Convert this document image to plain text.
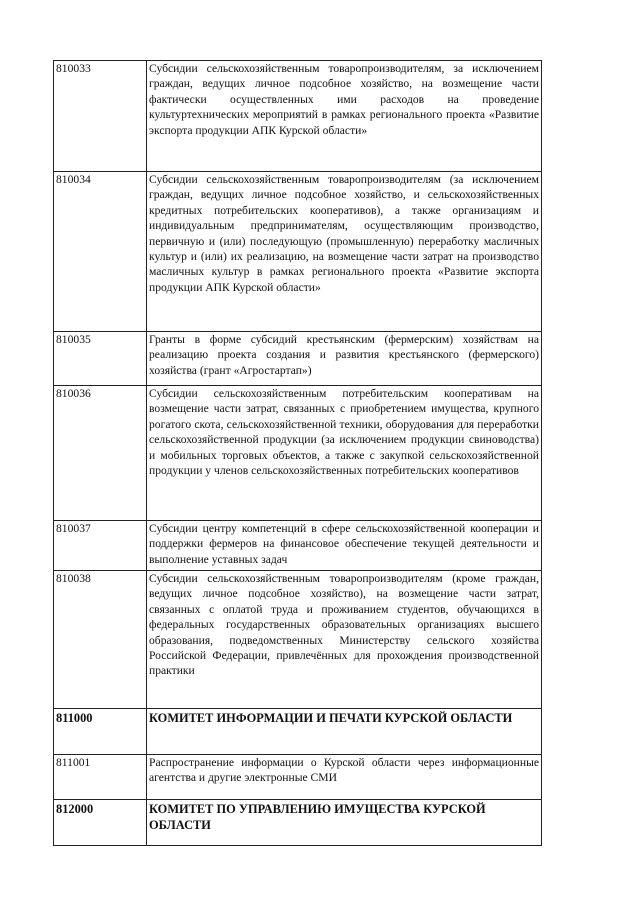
810033	Субсидии сельскохозяйственным товаропроизводителям, за исключением граждан, ведущих личное подсобное хозяйство, на возмещение части фактически осуществленных ими расходов на проведение культуртехнических мероприятий в рамках регионального проекта «Развитие экспорта продукции АПК Курской области»
810034	Субсидии сельскохозяйственным товаропроизводителям (за исключением граждан, ведущих личное подсобное хозяйство, и сельскохозяйственных кредитных потребительских кооперативов), а также организациям и индивидуальным предпринимателям, осуществляющим производство, первичную и (или) последующую (промышленную) переработку масличных культур и (или) их реализацию, на возмещение части затрат на производство масличных культур в рамках регионального проекта «Развитие экспорта продукции АПК Курской области»
810035	Гранты в форме субсидий крестьянским (фермерским) хозяйствам на реализацию проекта создания и развития крестьянского (фермерского) хозяйства (грант «Агростартап»)
810036	Субсидии сельскохозяйственным потребительским кооперативам на возмещение части затрат, связанных с приобретением имущества, крупного рогатого скота, сельскохозяйственной техники, оборудования для переработки сельскохозяйственной продукции (за исключением продукции свиноводства) и мобильных торговых объектов, а также с закупкой сельскохозяйственной продукции у членов сельскохозяйственных потребительских кооперативов
810037	Субсидии центру компетенций в сфере сельскохозяйственной кооперации и поддержки фермеров на финансовое обеспечение текущей деятельности и выполнение уставных задач
810038	Субсидии сельскохозяйственным товаропроизводителям (кроме граждан, ведущих личное подсобное хозяйство), на возмещение части затрат, связанных с оплатой труда и проживанием студентов, обучающихся в федеральных государственных образовательных организациях высшего образования, подведомственных Министерству сельского хозяйства Российской Федерации, привлечённых для прохождения производственной практики
811000	КОМИТЕТ ИНФОРМАЦИИ И ПЕЧАТИ КУРСКОЙ ОБЛАСТИ
811001	Распространение информации о Курской области через информационные агентства и другие электронные СМИ
812000	КОМИТЕТ ПО УПРАВЛЕНИЮ ИМУЩЕСТВА КУРСКОЙ ОБЛАСТИ
